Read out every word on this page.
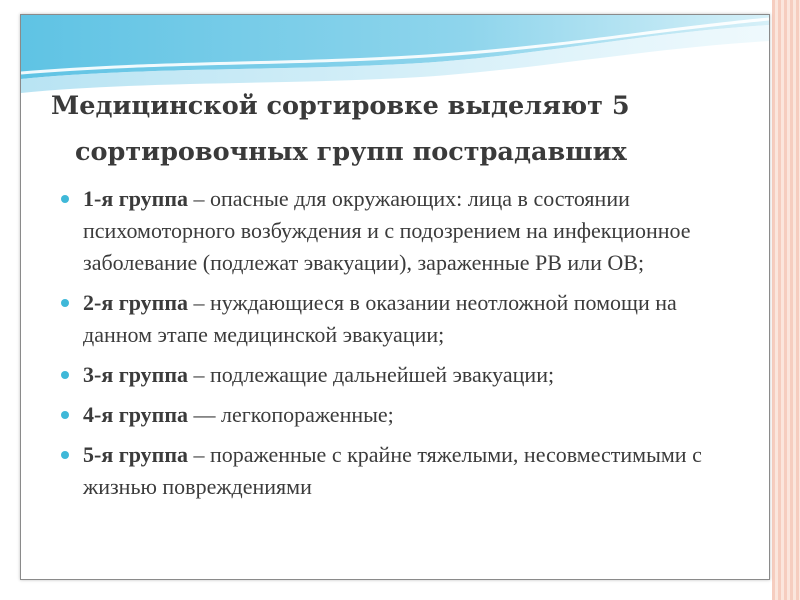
Медицинской сортировке выделяют 5
сортировочных групп пострадавших
1-я группа – опасные для окружающих: лица в состоянии психомоторного возбуждения и с подозрением на инфекционное заболевание (подлежат эвакуации), зараженные РВ или ОВ;
2-я группа – нуждающиеся в оказании неотложной помощи на данном этапе медицинской эвакуации;
3-я группа – подлежащие дальнейшей эвакуации;
4-я группа — легкопораженные;
5-я группа – пораженные с крайне тяжелыми, несовместимыми с жизнью повреждениями
